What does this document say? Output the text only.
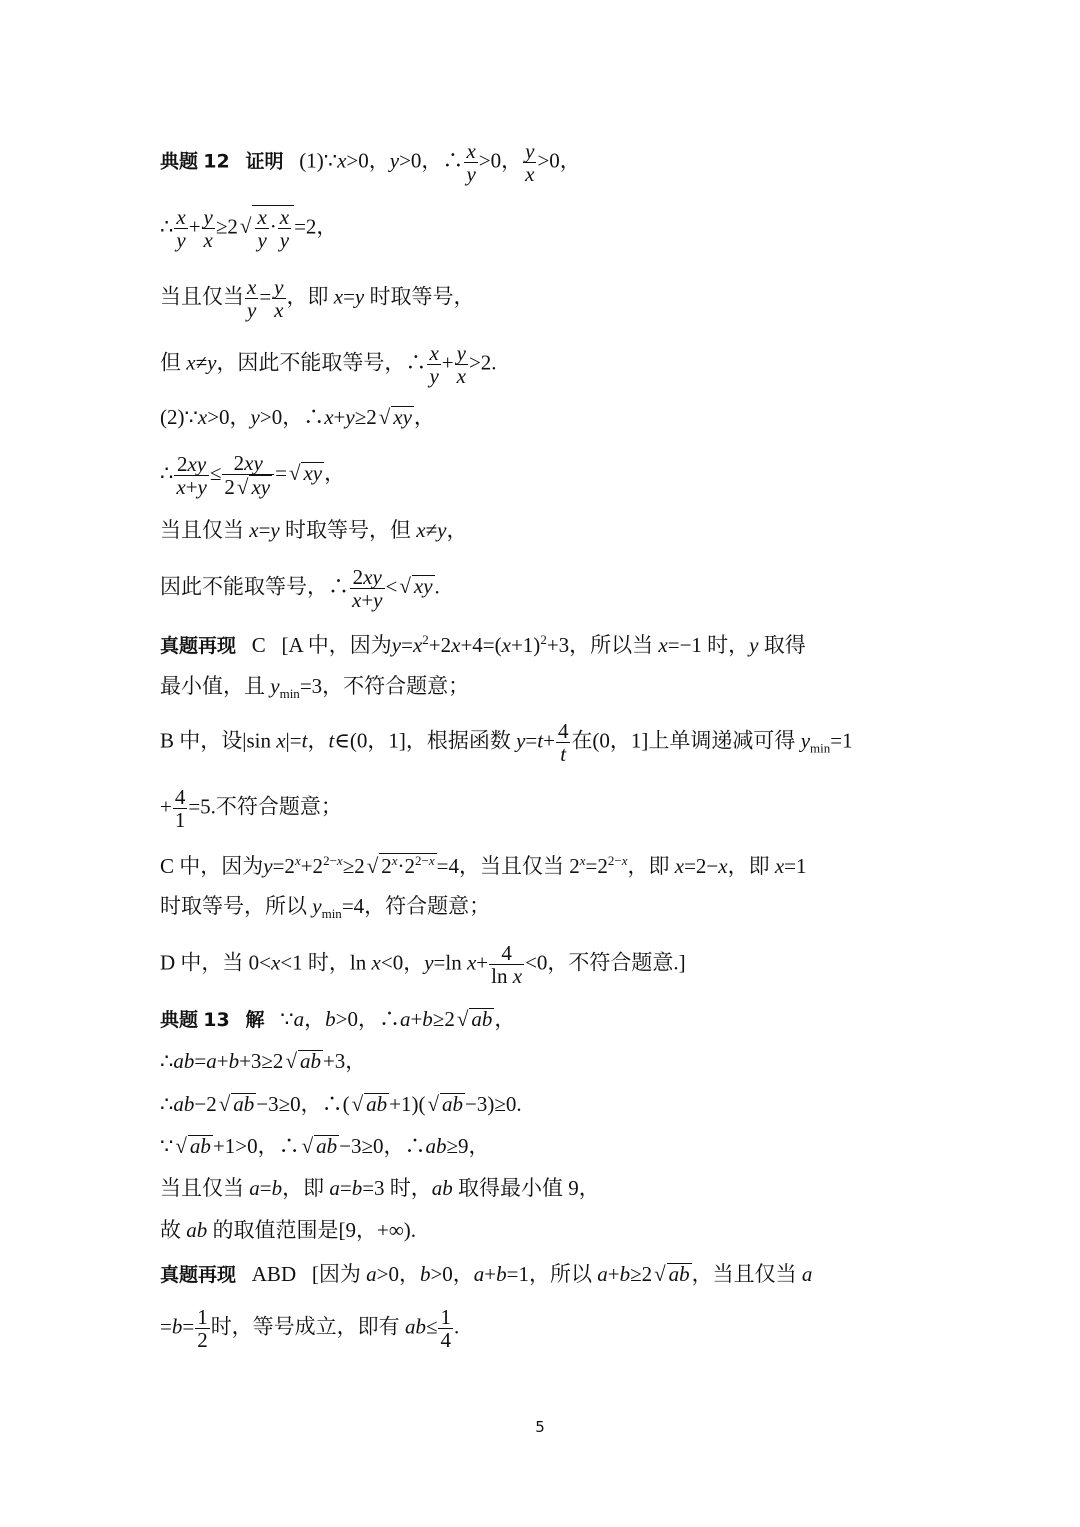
典题 12 证明 (1)∵x>0，y>0，∴ $\frac{x}{y} >0$， $\frac{y}{x} >0$，
∴ $\frac{x}{y} + \frac{y}{x} \ge 2√ \frac{x}{y} \cdot \frac{x}{y} =2$，
当且仅当 $\frac{x}{y} = \frac{y}{x}$ ，即 x=y 时取等号，
但 x≠y，因此不能取等号，∴ $\frac{x}{y} + \frac{y}{x} >2$.
(2)∵x>0，y>0，∴x+y≥2√ xy，
∴ $\frac{2xy}{x+y} \le \frac{2xy}{2√ xy}$ =√ xy，
当且仅当 x=y 时取等号，但 x≠y，
因此不能取等号，∴ $\frac{2xy}{x+y}$ <√ xy.
真题再现 C [A 中，因为$y=x^2+2x+4=(x+1)^2+3$，所以当 x=−1 时，y 取得
最小值，且 $y_{min}=3$，不符合题意；
B 中，设|sin x|=t，t∈(0，1]，根据函数 $y=t+ \frac{4}{t}$ 在(0，1]上单调递减可得 $y_{min}=1$
+ $\frac{4}{1} =5$.不符合题意；
C 中，因为$y=2^x+2^{2-x}\ge 2√$ $2^x\cdot 2^{2-x}=4$，当且仅当 $2^x=2^{2-x}$，即 x=2−x，即 x=1
时取等号，所以 $y_{min}=4$，符合题意；
D 中，当 0<x<1 时，ln x<0，y=ln $x+ \frac{4}{\text{ln x}} <0$，不符合题意.]
典题 13 解   ∵a，b>0，∴a+b≥2√ ab，
∴ab=a+b+3≥2√ ab+3，
∴ab−2√ ab−3≥0，∴(√ ab+1)(√ ab−3)≥0.
∵√ ab+1>0，∴√ ab−3≥0，∴ab≥9，
当且仅当 a=b，即 a=b=3 时，ab 取得最小值 9，
故 ab 的取值范围是[9，+∞).
真题再现 ABD [因为 a>0，b>0，a+b=1，所以 a+b≥2√ ab，当且仅当 a
$=b= \frac{1}{2}$ 时，等号成立，即有 $ab\le \frac{1}{4}$ .
5
